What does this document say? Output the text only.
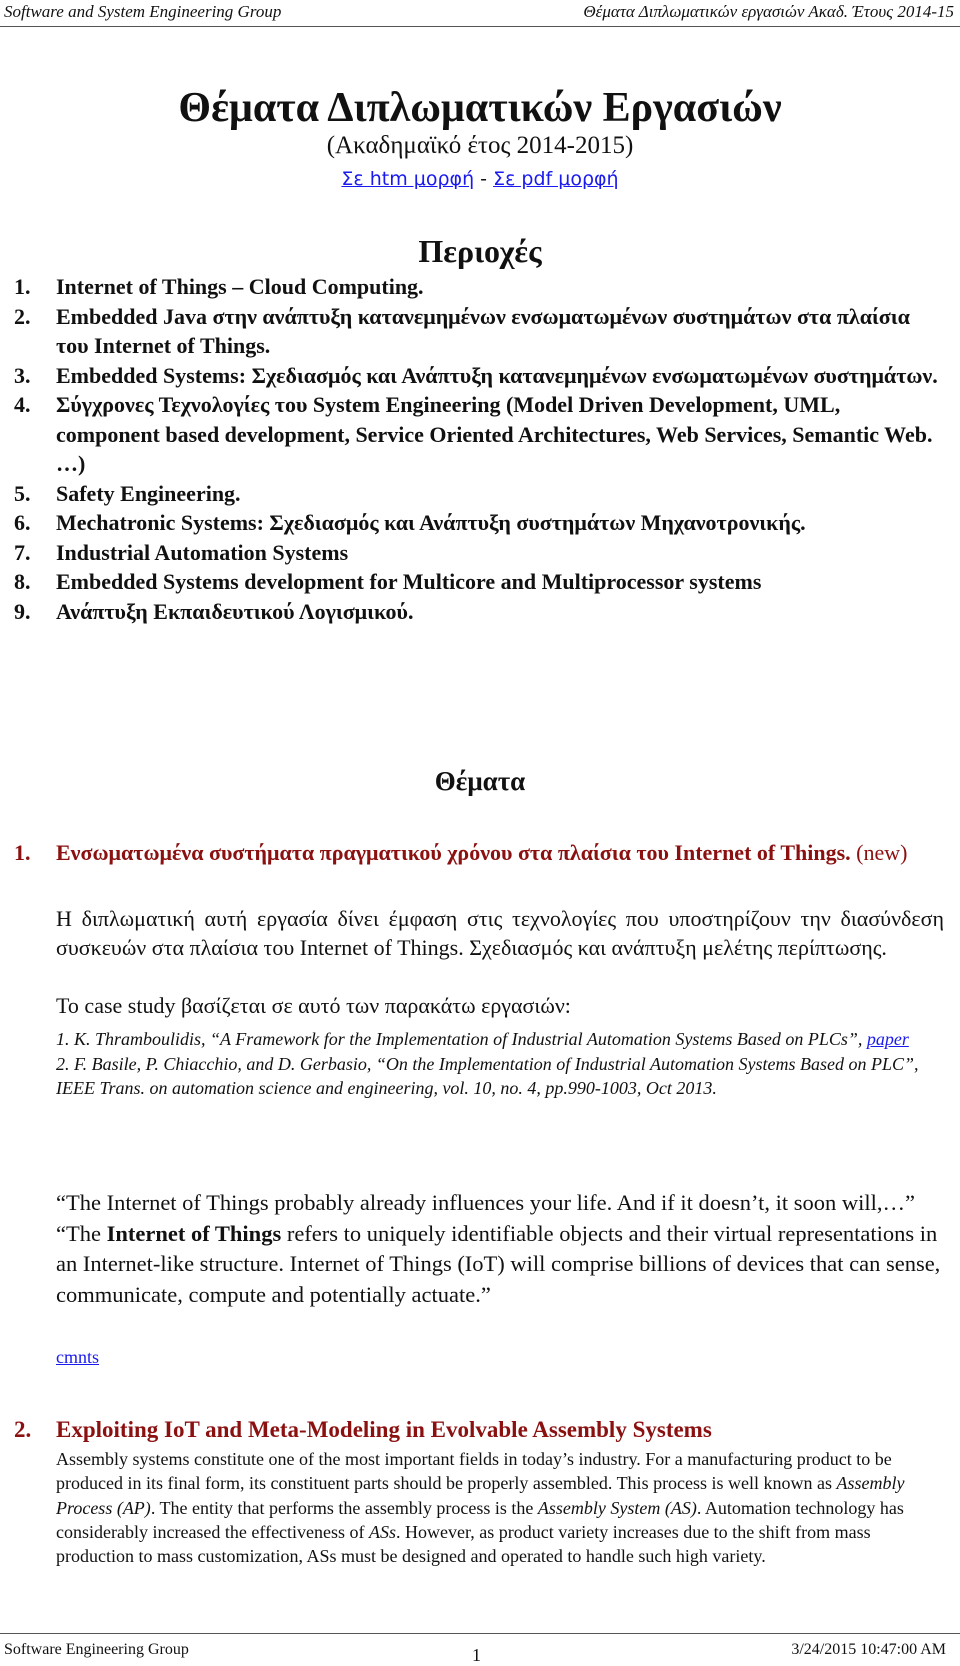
Software and System Engineering Group	Θέματα Διπλωματικών εργασιών Ακαδ. Έτους 2014-15
Θέματα Διπλωματικών Εργασιών
(Ακαδημαϊκό έτος 2014-2015)
Σε htm μορφή - Σε pdf μορφή
Περιοχές
1.	Internet of Things – Cloud Computing.
2.	Embedded Java στην ανάπτυξη κατανεμημένων ενσωματωμένων συστημάτων στα πλαίσια του Internet of Things.
3.	Embedded Systems: Σχεδιασμός και Ανάπτυξη κατανεμημένων ενσωματωμένων συστημάτων.
4.	Σύγχρονες Τεχνολογίες του System Engineering (Model Driven Development, UML, component based development, Service Oriented Architectures, Web Services, Semantic Web. …)
5.	Safety Engineering.
6.	Mechatronic Systems: Σχεδιασμός και Ανάπτυξη συστημάτων Μηχανοτρονικής.
7.	Industrial Automation Systems
8.	Embedded Systems development for Multicore and Multiprocessor systems
9.	Ανάπτυξη Εκπαιδευτικού Λογισμικού.
Θέματα
1.	Ενσωματωμένα συστήματα πραγματικού χρόνου στα πλαίσια του Internet of Things. (new)
Η διπλωματική αυτή εργασία δίνει έμφαση στις τεχνολογίες που υποστηρίζουν την διασύνδεση συσκευών στα πλαίσια του Internet of Things. Σχεδιασμός και ανάπτυξη μελέτης περίπτωσης.
Το case study βασίζεται σε αυτό των παρακάτω εργασιών:
1. K. Thramboulidis, “A Framework for the Implementation of Industrial Automation Systems Based on PLCs”, paper
2. F. Basile, P. Chiacchio, and D. Gerbasio, “On the Implementation of Industrial Automation Systems Based on PLC”, IEEE Trans. on automation science and engineering, vol. 10, no. 4, pp.990-1003, Oct 2013.
“The Internet of Things probably already influences your life. And if it doesn’t, it soon will,…” “The Internet of Things refers to uniquely identifiable objects and their virtual representations in an Internet-like structure. Internet of Things (IoT) will comprise billions of devices that can sense, communicate, compute and potentially actuate.”
cmnts
2.	Exploiting IoT and Meta-Modeling in Evolvable Assembly Systems
Assembly systems constitute one of the most important fields in today’s industry. For a manufacturing product to be produced in its final form, its constituent parts should be properly assembled. This process is well known as Assembly Process (AP). The entity that performs the assembly process is the Assembly System (AS). Automation technology has considerably increased the effectiveness of ASs. However, as product variety increases due to the shift from mass production to mass customization, ASs must be designed and operated to handle such high variety.
Software Engineering Group	1	3/24/2015 10:47:00 AM
